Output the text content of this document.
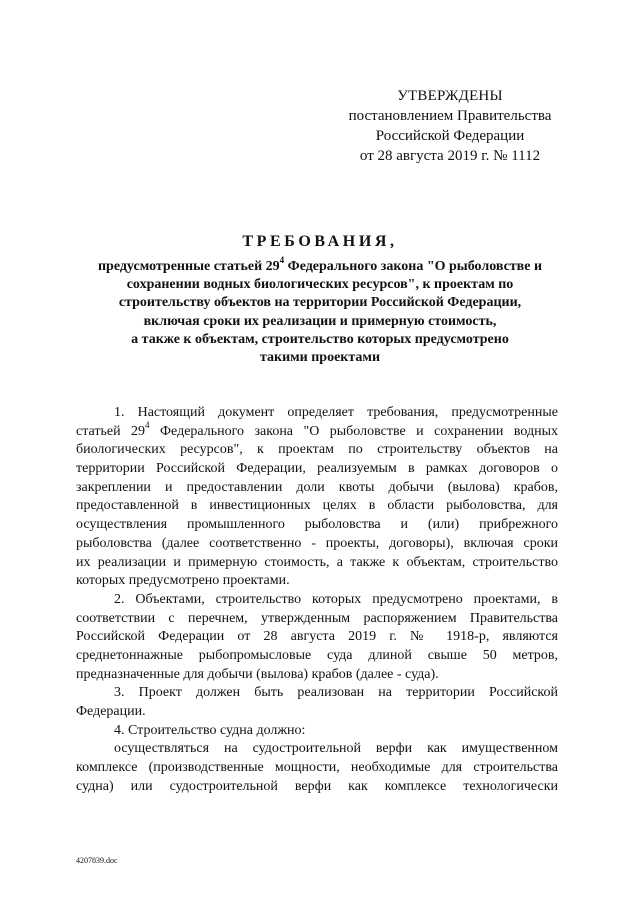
УТВЕРЖДЕНЫ
постановлением Правительства
Российской Федерации
от 28 августа 2019 г. № 1112
ТРЕБОВАНИЯ,
предусмотренные статьей $29^4$ Федерального закона "О рыболовстве и
сохранении водных биологических ресурсов", к проектам по
строительству объектов на территории Российской Федерации,
включая сроки их реализации и примерную стоимость,
а также к объектам, строительство которых предусмотрено
такими проектами
1. Настоящий документ определяет требования, предусмотренные
статьей $29^4$ Федерального закона "О рыболовстве и сохранении водных
биологических ресурсов", к проектам по строительству объектов на
территории Российской Федерации, реализуемым в рамках договоров о
закреплении и предоставлении доли квоты добычи (вылова) крабов,
предоставленной в инвестиционных целях в области рыболовства, для
осуществления промышленного рыболовства и (или) прибрежного
рыболовства (далее соответственно - проекты, договоры), включая сроки
их реализации и примерную стоимость, а также к объектам, строительство
которых предусмотрено проектами.
2. Объектами, строительство которых предусмотрено проектами, в
соответствии с перечнем, утвержденным распоряжением Правительства
Российской Федерации от 28 августа 2019 г. № 1918-р, являются
среднетоннажные рыбопромысловые суда длиной свыше 50 метров,
предназначенные для добычи (вылова) крабов (далее - суда).
3. Проект должен быть реализован на территории Российской
Федерации.
4. Строительство судна должно:
осуществляться на судостроительной верфи как имущественном
комплексе (производственные мощности, необходимые для строительства
судна) или судостроительной верфи как комплексе технологически
4207839.doc
